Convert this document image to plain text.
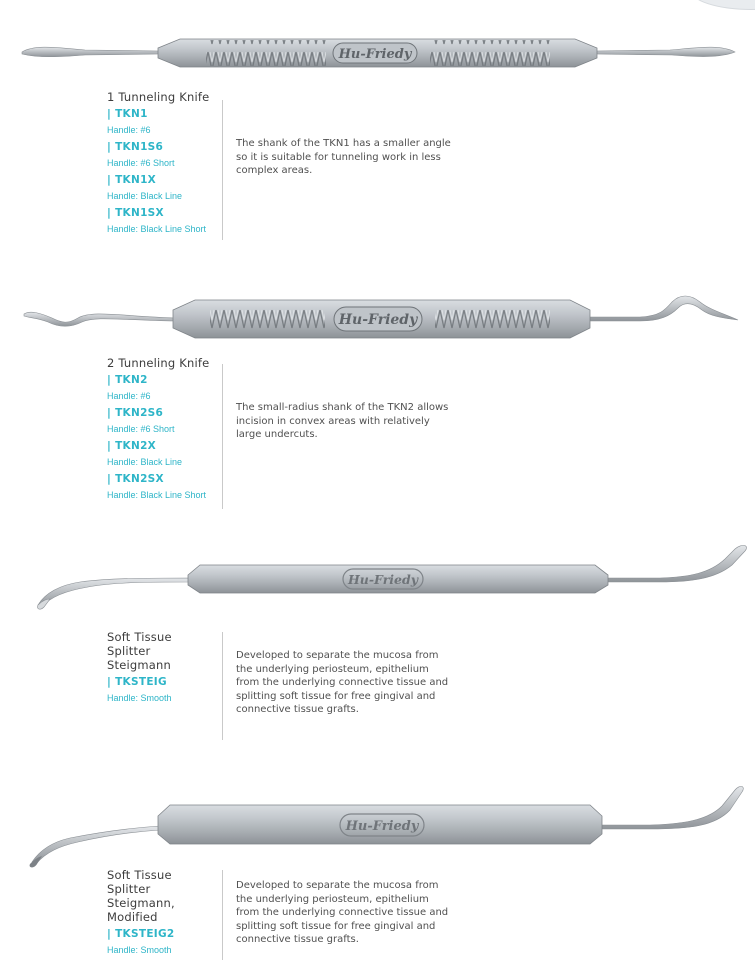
Hu-Friedy
1 Tunneling Knife
| TKN1
Handle: #6
| TKN1S6
Handle: #6 Short
| TKN1X
Handle: Black Line
| TKN1SX
Handle: Black Line Short
The shank of the TKN1 has a smaller angle so it is suitable for tunneling work in less complex areas.
Hu-Friedy
2 Tunneling Knife
| TKN2
Handle: #6
| TKN2S6
Handle: #6 Short
| TKN2X
Handle: Black Line
| TKN2SX
Handle: Black Line Short
The small-radius shank of the TKN2 allows incision in convex areas with relatively large undercuts.
Hu-Friedy
Soft Tissue
Splitter
Steigmann
| TKSTEIG
Handle: Smooth
Developed to separate the mucosa from the underlying periosteum, epithelium from the underlying connective tissue and splitting soft tissue for free gingival and connective tissue grafts.
Hu-Friedy
Soft Tissue
Splitter
Steigmann,
Modified
| TKSTEIG2
Handle: Smooth
Developed to separate the mucosa from the underlying periosteum, epithelium from the underlying connective tissue and splitting soft tissue for free gingival and connective tissue grafts.
